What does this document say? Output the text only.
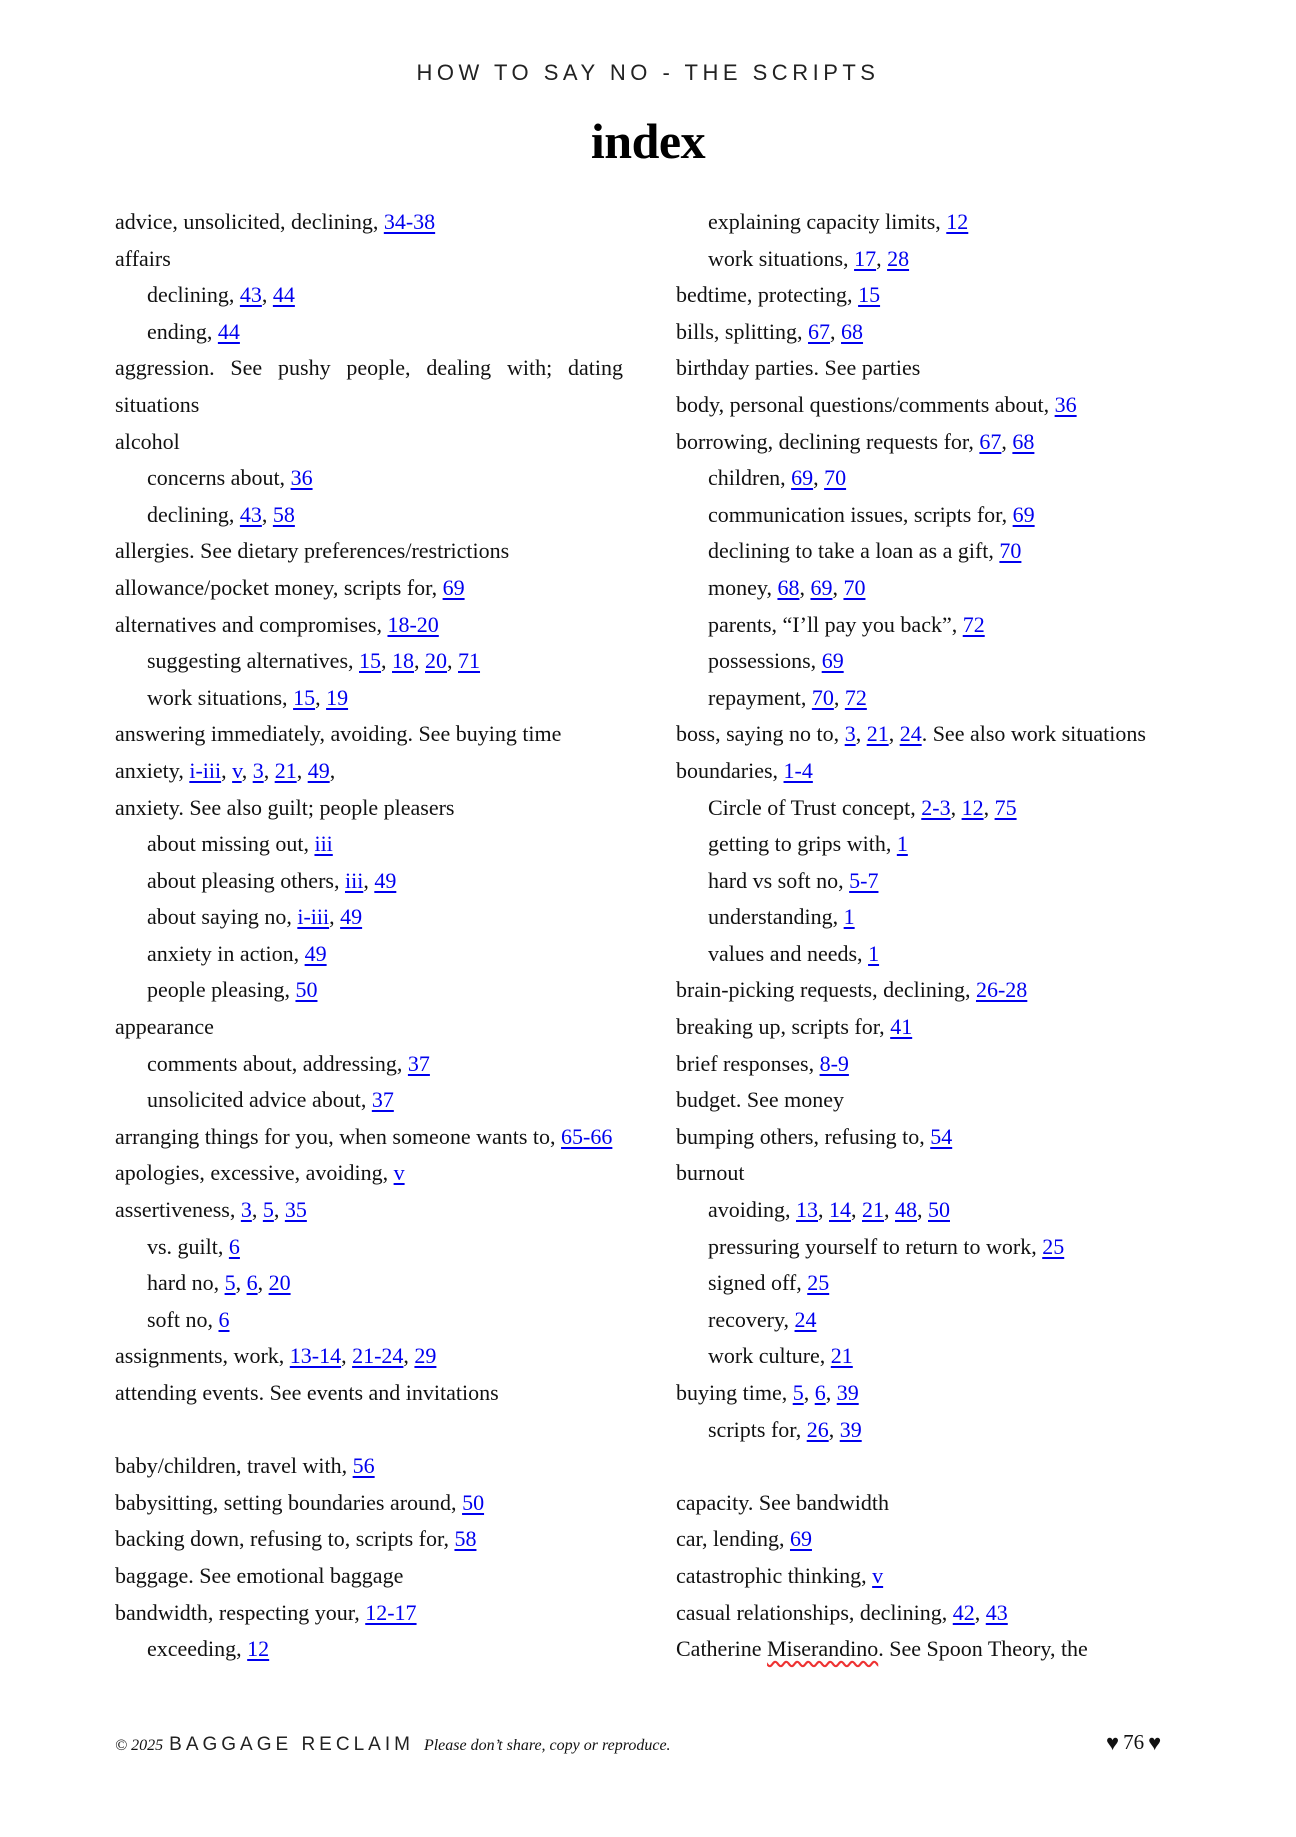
HOW TO SAY NO - THE SCRIPTS
index
advice, unsolicited, declining, 34-38
affairs
declining, 43, 44
ending, 44
aggression. See pushy people, dealing with; dating situations
alcohol
concerns about, 36
declining, 43, 58
allergies. See dietary preferences/restrictions
allowance/pocket money, scripts for, 69
alternatives and compromises, 18-20
suggesting alternatives, 15, 18, 20, 71
work situations, 15, 19
answering immediately, avoiding. See buying time
anxiety, i-iii, v, 3, 21, 49,
anxiety. See also guilt; people pleasers
about missing out, iii
about pleasing others, iii, 49
about saying no, i-iii, 49
anxiety in action, 49
people pleasing, 50
appearance
comments about, addressing, 37
unsolicited advice about, 37
arranging things for you, when someone wants to, 65-66
apologies, excessive, avoiding, v
assertiveness, 3, 5, 35
vs. guilt, 6
hard no, 5, 6, 20
soft no, 6
assignments, work, 13-14, 21-24, 29
attending events. See events and invitations
baby/children, travel with, 56
babysitting, setting boundaries around, 50
backing down, refusing to, scripts for, 58
baggage. See emotional baggage
bandwidth, respecting your, 12-17
exceeding, 12
explaining capacity limits, 12
work situations, 17, 28
bedtime, protecting, 15
bills, splitting, 67, 68
birthday parties. See parties
body, personal questions/comments about, 36
borrowing, declining requests for, 67, 68
children, 69, 70
communication issues, scripts for, 69
declining to take a loan as a gift, 70
money, 68, 69, 70
parents, “I’ll pay you back”, 72
possessions, 69
repayment, 70, 72
boss, saying no to, 3, 21, 24. See also work situations
boundaries, 1-4
Circle of Trust concept, 2-3, 12, 75
getting to grips with, 1
hard vs soft no, 5-7
understanding, 1
values and needs, 1
brain-picking requests, declining, 26-28
breaking up, scripts for, 41
brief responses, 8-9
budget. See money
bumping others, refusing to, 54
burnout
avoiding, 13, 14, 21, 48, 50
pressuring yourself to return to work, 25
signed off, 25
recovery, 24
work culture, 21
buying time, 5, 6, 39
scripts for, 26, 39
capacity. See bandwidth
car, lending, 69
catastrophic thinking, v
casual relationships, declining, 42, 43
Catherine Miserandino. See Spoon Theory, the
© 2025 BAGGAGE RECLAIM Please don’t share, copy or reproduce.	♥ 76 ♥
